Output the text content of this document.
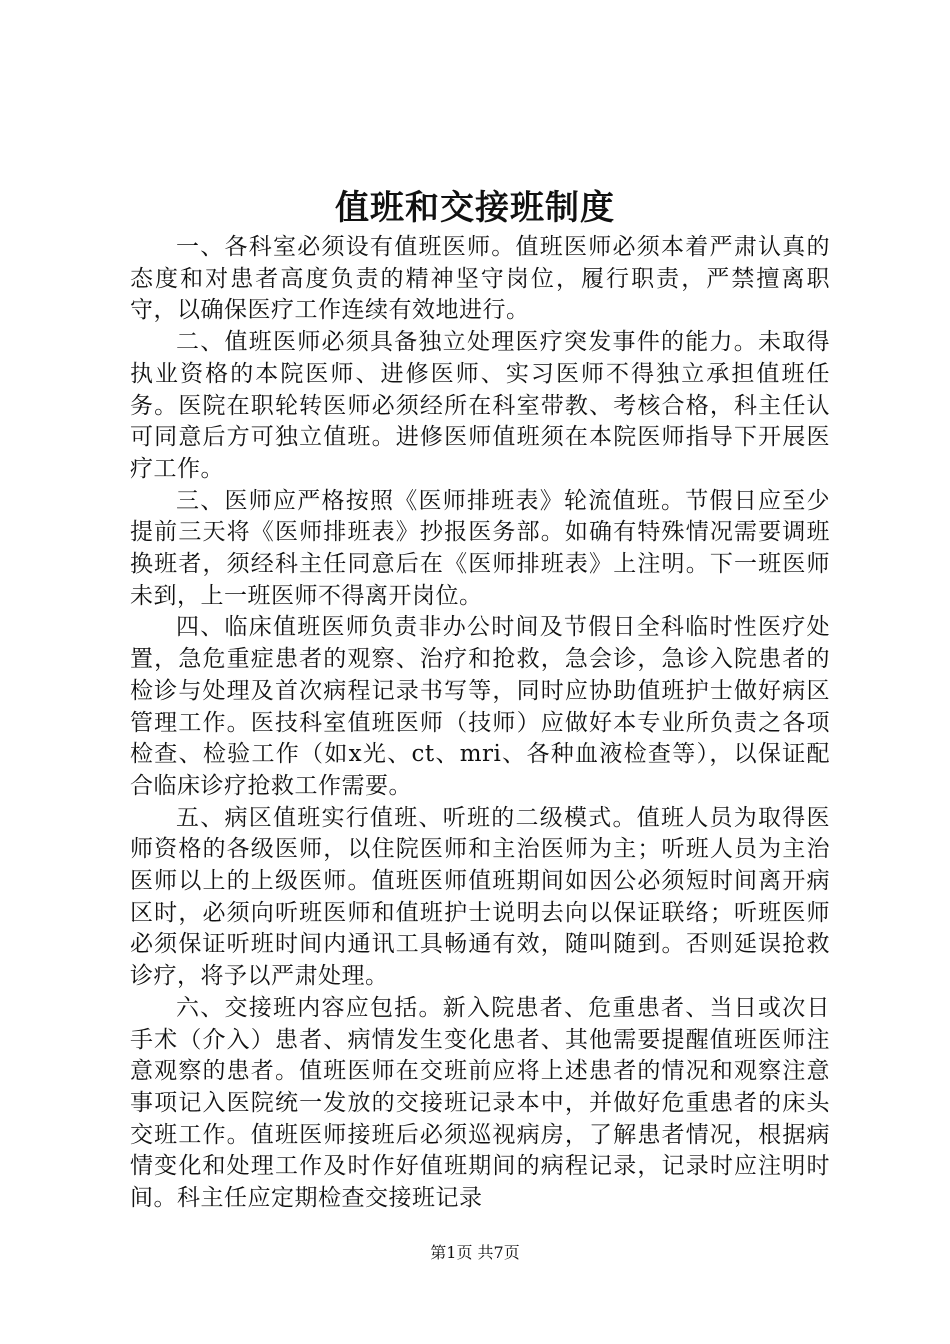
值班和交接班制度

一、各科室必须设有值班医师。值班医师必须本着严肃认真的态度和对患者高度负责的精神坚守岗位，履行职责，严禁擅离职守，以确保医疗工作连续有效地进行。

二、值班医师必须具备独立处理医疗突发事件的能力。未取得执业资格的本院医师、进修医师、实习医师不得独立承担值班任务。医院在职轮转医师必须经所在科室带教、考核合格，科主任认可同意后方可独立值班。进修医师值班须在本院医师指导下开展医疗工作。

三、医师应严格按照《医师排班表》轮流值班。节假日应至少提前三天将《医师排班表》抄报医务部。如确有特殊情况需要调班换班者，须经科主任同意后在《医师排班表》上注明。下一班医师未到，上一班医师不得离开岗位。

四、临床值班医师负责非办公时间及节假日全科临时性医疗处置，急危重症患者的观察、治疗和抢救，急会诊，急诊入院患者的检诊与处理及首次病程记录书写等，同时应协助值班护士做好病区管理工作。医技科室值班医师（技师）应做好本专业所负责之各项检查、检验工作（如x光、ct、mri、各种血液检查等），以保证配合临床诊疗抢救工作需要。

五、病区值班实行值班、听班的二级模式。值班人员为取得医师资格的各级医师，以住院医师和主治医师为主；听班人员为主治医师以上的上级医师。值班医师值班期间如因公必须短时间离开病区时，必须向听班医师和值班护士说明去向以保证联络；听班医师必须保证听班时间内通讯工具畅通有效，随叫随到。否则延误抢救诊疗，将予以严肃处理。

六、交接班内容应包括。新入院患者、危重患者、当日或次日手术（介入）患者、病情发生变化患者、其他需要提醒值班医师注意观察的患者。值班医师在交班前应将上述患者的情况和观察注意事项记入医院统一发放的交接班记录本中，并做好危重患者的床头交班工作。值班医师接班后必须巡视病房，了解患者情况，根据病情变化和处理工作及时作好值班期间的病程记录，记录时应注明时间。科主任应定期检查交接班记录

第1页 共7页
